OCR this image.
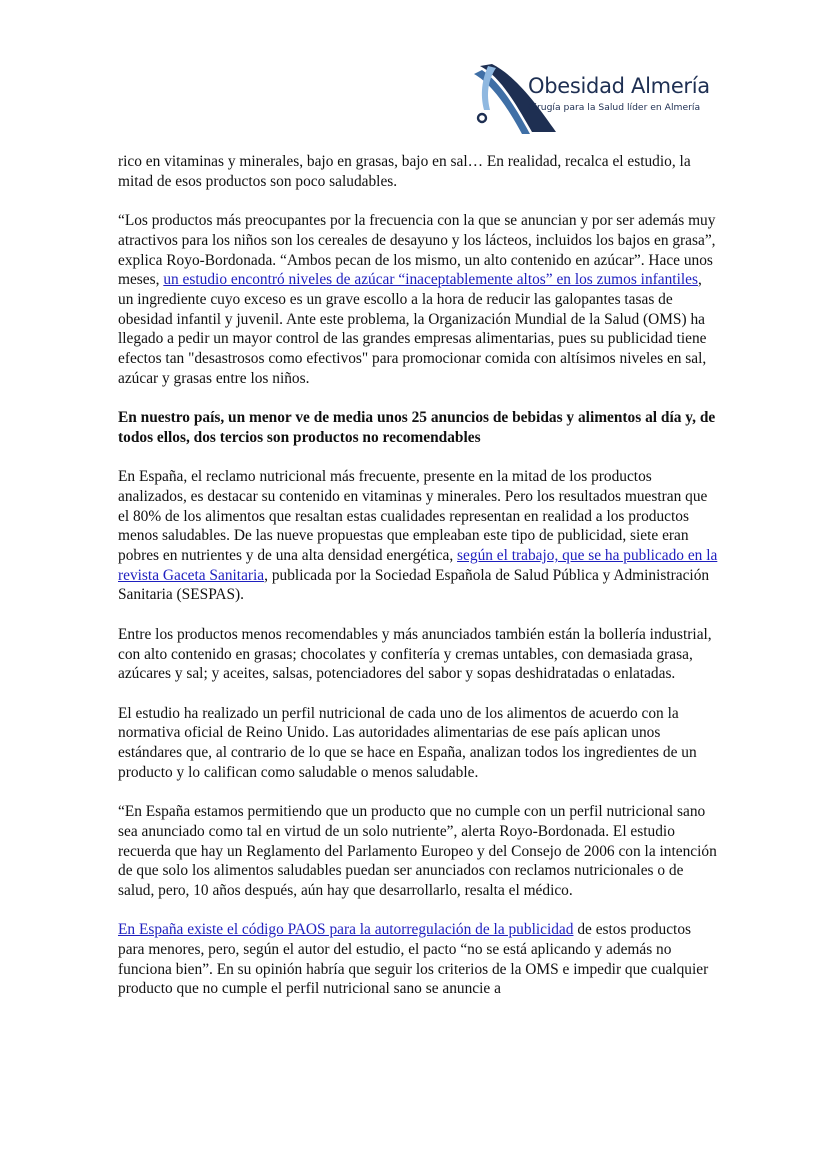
Obesidad Almería
Cirugía para la Salud líder en Almería

rico en vitaminas y minerales, bajo en grasas, bajo en sal… En realidad, recalca el estudio, la mitad de esos productos son poco saludables.

“Los productos más preocupantes por la frecuencia con la que se anuncian y por ser además muy atractivos para los niños son los cereales de desayuno y los lácteos, incluidos los bajos en grasa”, explica Royo-Bordonada. “Ambos pecan de los mismo, un alto contenido en azúcar”. Hace unos meses, un estudio encontró niveles de azúcar “inaceptablemente altos” en los zumos infantiles, un ingrediente cuyo exceso es un grave escollo a la hora de reducir las galopantes tasas de obesidad infantil y juvenil. Ante este problema, la Organización Mundial de la Salud (OMS) ha llegado a pedir un mayor control de las grandes empresas alimentarias, pues su publicidad tiene efectos tan "desastrosos como efectivos" para promocionar comida con altísimos niveles en sal, azúcar y grasas entre los niños.

En nuestro país, un menor ve de media unos 25 anuncios de bebidas y alimentos al día y, de todos ellos, dos tercios son productos no recomendables

En España, el reclamo nutricional más frecuente, presente en la mitad de los productos analizados, es destacar su contenido en vitaminas y minerales. Pero los resultados muestran que el 80% de los alimentos que resaltan estas cualidades representan en realidad a los productos menos saludables. De las nueve propuestas que empleaban este tipo de publicidad, siete eran pobres en nutrientes y de una alta densidad energética, según el trabajo, que se ha publicado en la revista Gaceta Sanitaria, publicada por la Sociedad Española de Salud Pública y Administración Sanitaria (SESPAS).

Entre los productos menos recomendables y más anunciados también están la bollería industrial, con alto contenido en grasas; chocolates y confitería y cremas untables, con demasiada grasa, azúcares y sal; y aceites, salsas, potenciadores del sabor y sopas deshidratadas o enlatadas.

El estudio ha realizado un perfil nutricional de cada uno de los alimentos de acuerdo con la normativa oficial de Reino Unido. Las autoridades alimentarias de ese país aplican unos estándares que, al contrario de lo que se hace en España, analizan todos los ingredientes de un producto y lo califican como saludable o menos saludable.

“En España estamos permitiendo que un producto que no cumple con un perfil nutricional sano sea anunciado como tal en virtud de un solo nutriente”, alerta Royo-Bordonada. El estudio recuerda que hay un Reglamento del Parlamento Europeo y del Consejo de 2006 con la intención de que solo los alimentos saludables puedan ser anunciados con reclamos nutricionales o de salud, pero, 10 años después, aún hay que desarrollarlo, resalta el médico.

En España existe el código PAOS para la autorregulación de la publicidad de estos productos para menores, pero, según el autor del estudio, el pacto “no se está aplicando y además no funciona bien”. En su opinión habría que seguir los criterios de la OMS e impedir que cualquier producto que no cumple el perfil nutricional sano se anuncie a
